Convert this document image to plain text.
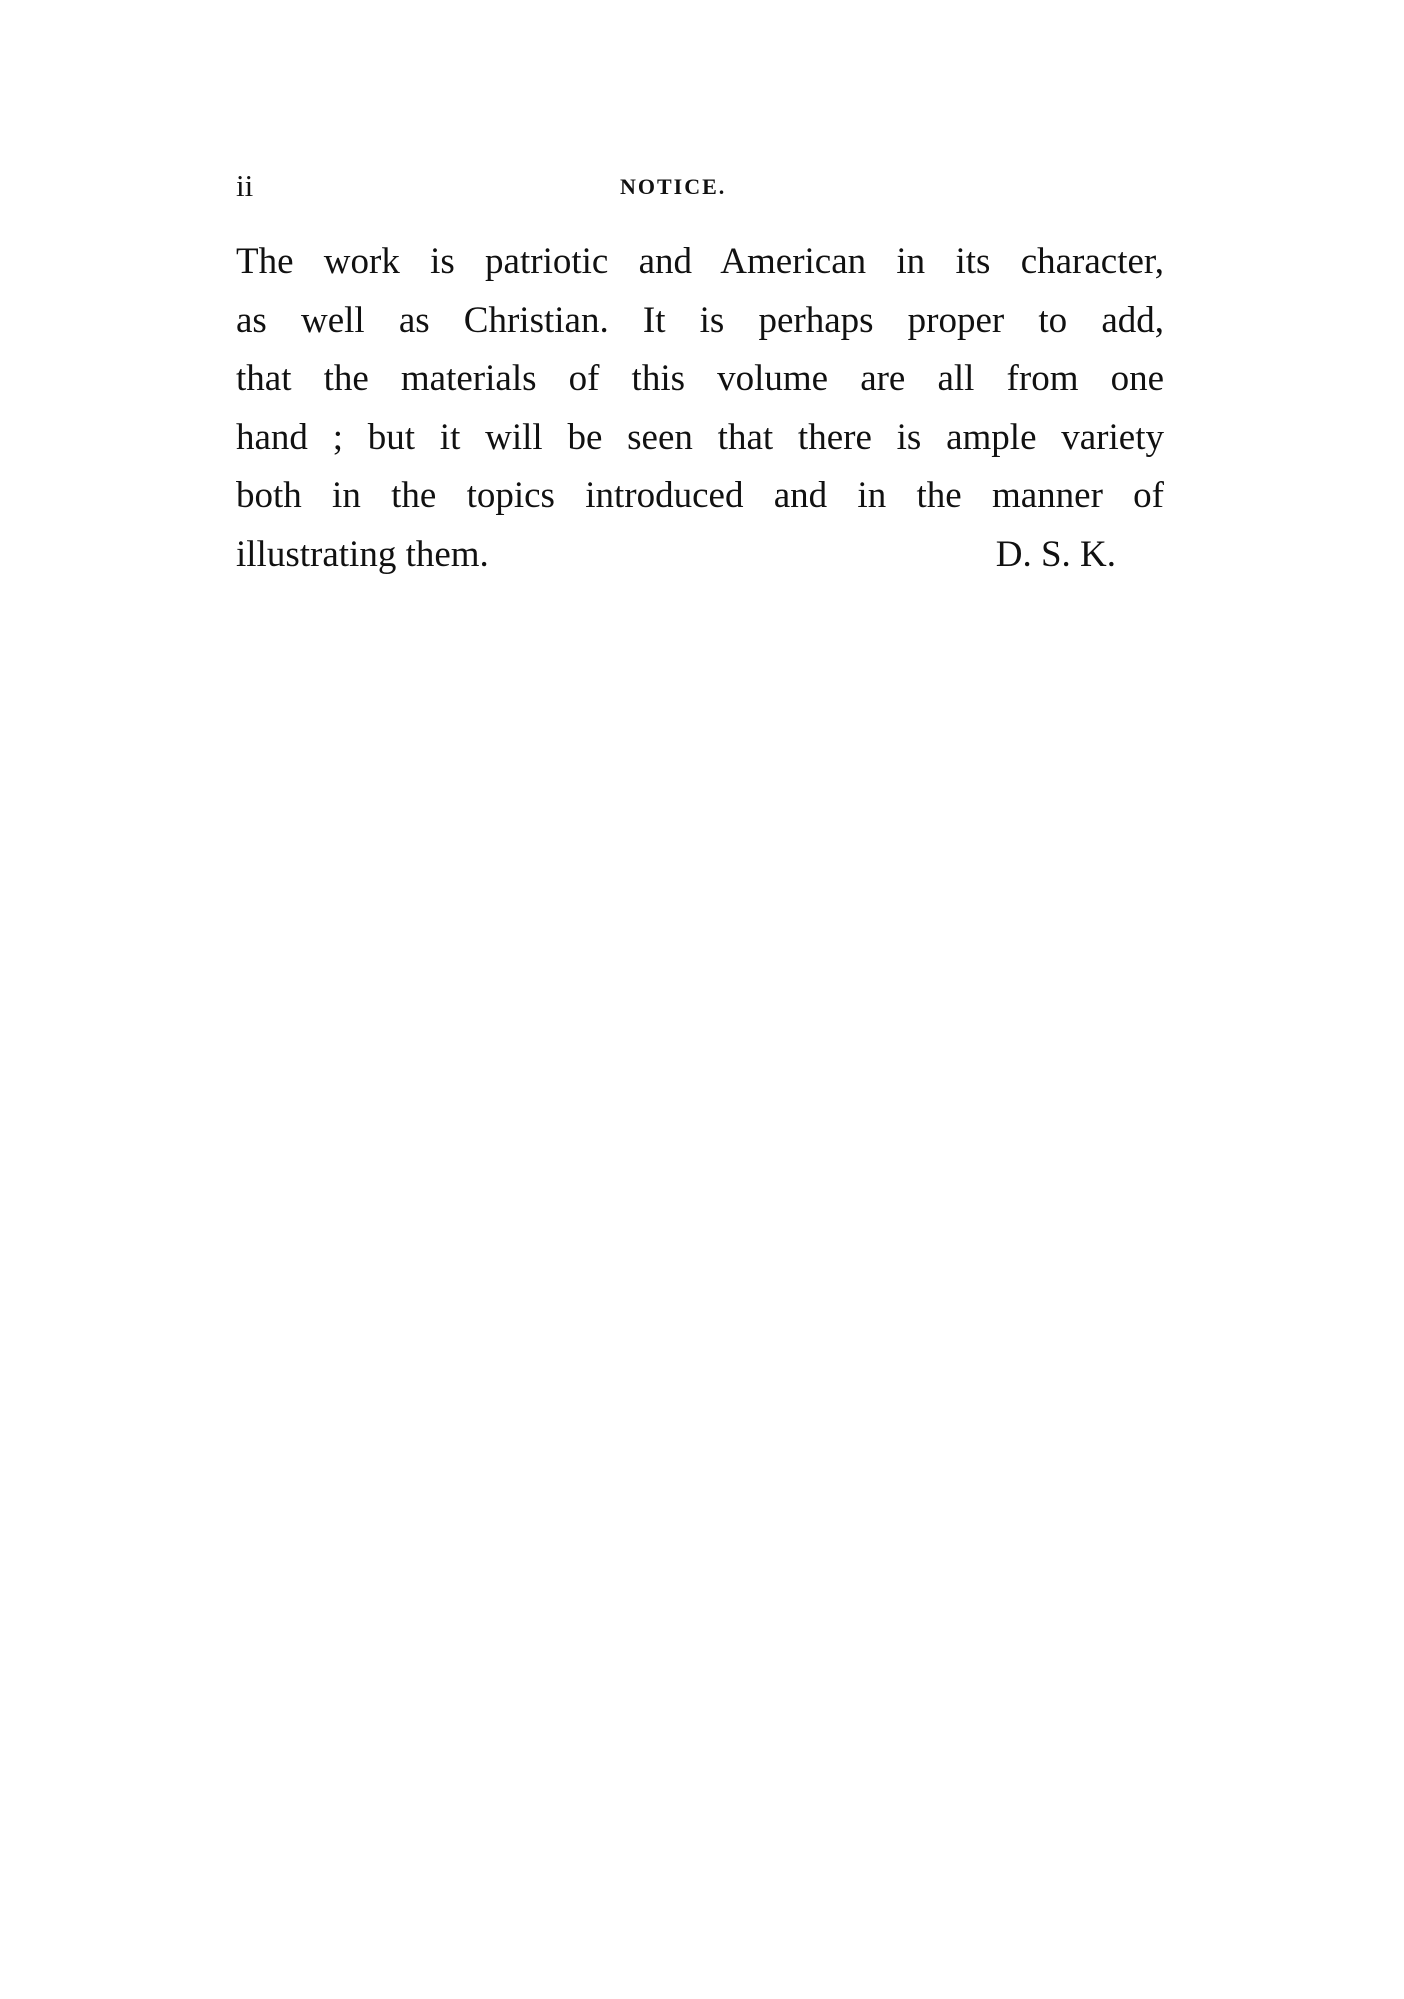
ii	NOTICE.
The work is patriotic and American in its character,
as well as Christian. It is perhaps proper to add,
that the materials of this volume are all from one
hand ; but it will be seen that there is ample variety
both in the topics introduced and in the manner of
illustrating them.	D. S. K.
